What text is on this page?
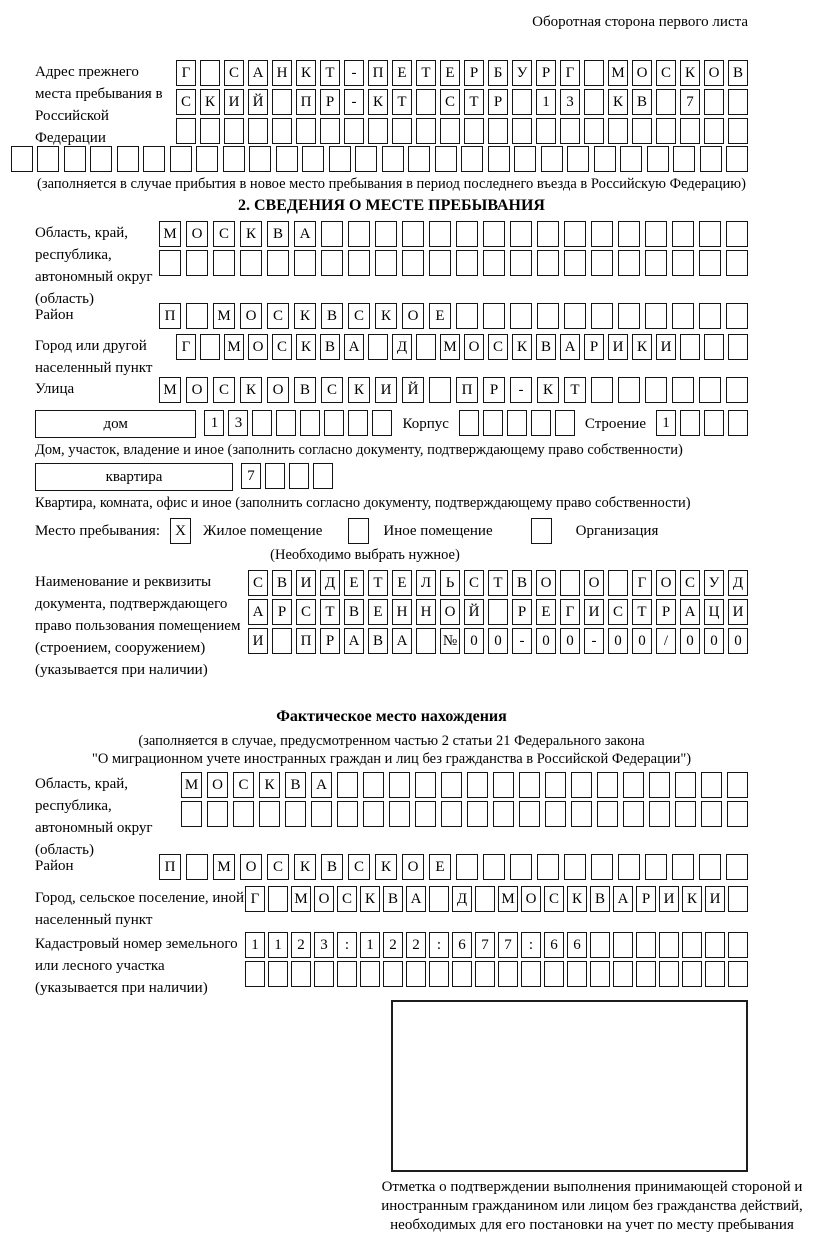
Оборотная сторона первого листа
Адрес прежнего места пребывания в Российской Федерации
Г	С А Н К Т	-	П Е Т Е	Р	Б У Р	Г	М О С К О В
С К И Й	П Р	-	К Т	С Т	Р	1	3	К В	7
(заполняется в случае прибытия в новое место пребывания в период последнего въезда в Российскую Федерацию)
2. СВЕДЕНИЯ О МЕСТЕ ПРЕБЫВАНИЯ
Область, край, республика, автономный округ (область)
М О	С	К	В	А
Район	П	М О	С	К	В	С	К	О	Е
Город или другой населенный пункт
Г	М О С К В А	Д	М О С К В А Р И К И
Улица	М О	С	К	О	В	С	К	И	Й	П	Р	-	К	Т
дом	1	3	Корпус	Строение	1
Дом, участок, владение и иное (заполнить согласно документу, подтверждающему право собственности)
квартира	7
Квартира, комната, офис и иное (заполнить согласно документу, подтверждающему право собственности)
Место пребывания:	X	Жилое помещение	Иное помещение	Организация
(Необходимо выбрать нужное)
Наименование и реквизиты документа, подтверждающего право пользования помещением (строением, сооружением) (указывается при наличии)
С В И Д Е Т Е Л Ь С Т В О	О	Г О С У Д
А Р С Т В Е Н Н О Й	Р	Е	Г И С Т	Р А Ц И
И	П Р А В А	№ 0	0	-	0	0	-	0	0	/	0	0	0
Фактическое место нахождения
(заполняется в случае, предусмотренном частью 2 статьи 21 Федерального закона
"О миграционном учете иностранных граждан и лиц без гражданства в Российской Федерации")
Область, край, республика, автономный округ (область)
М О	С	К	В	А
Район	П	М О	С	К	В	С	К	О	Е
Город, сельское поселение, иной населенный пункт
Г	М О С К В А	Д	М О С К В А Р И К И
Кадастровый номер земельного или лесного участка (указывается при наличии)
1	1	2	3	:	1	2	2	:	6	7	7	:	6	6
Отметка о подтверждении выполнения принимающей стороной и иностранным гражданином или лицом без гражданства действий, необходимых для его постановки на учет по месту пребывания
